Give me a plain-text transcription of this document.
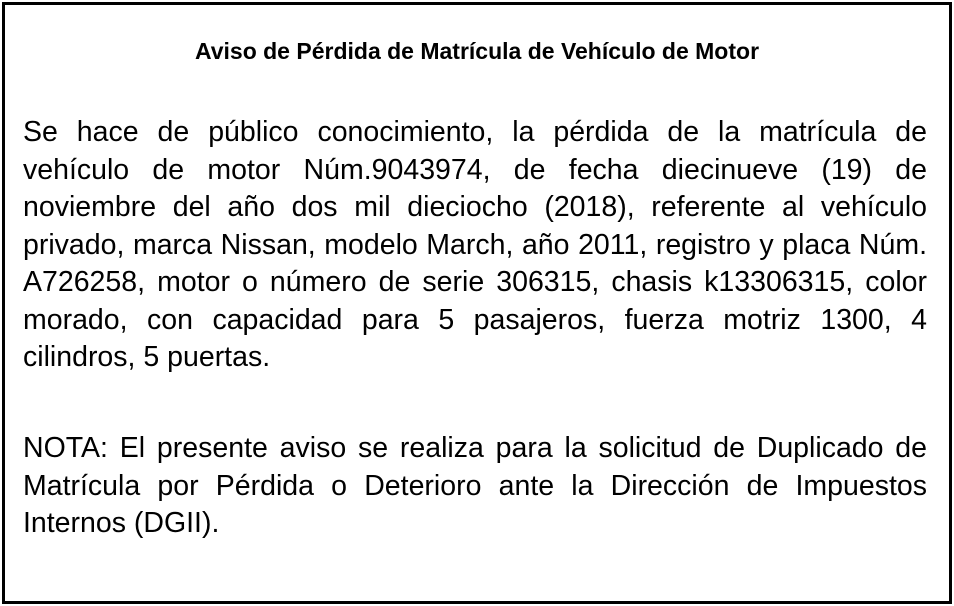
Aviso de Pérdida de Matrícula de Vehículo de Motor

Se hace de público conocimiento, la pérdida de la matrícula de vehículo de motor Núm.9043974, de fecha diecinueve (19) de noviembre del año dos mil dieciocho (2018), referente al vehículo privado, marca Nissan, modelo March, año 2011, registro y placa Núm. A726258, motor o número de serie 306315, chasis k13306315, color morado, con capacidad para 5 pasajeros, fuerza motriz 1300, 4 cilindros, 5 puertas.

NOTA: El presente aviso se realiza para la solicitud de Duplicado de Matrícula por Pérdida o Deterioro ante la Dirección de Impuestos Internos (DGII).
